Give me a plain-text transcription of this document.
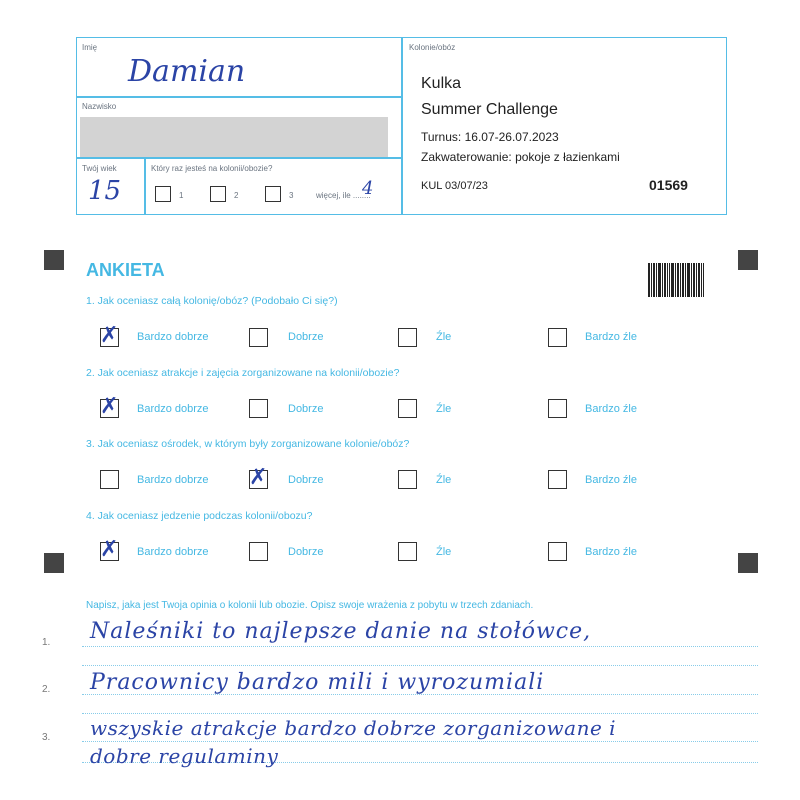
Imię
Damian
Nazwisko
Twój wiek
15
Który raz jesteś na kolonii/obozie?
1	2	3	więcej, ile ........
4
Kolonie/obóz
Kulka
Summer Challenge
Turnus: 16.07-26.07.2023
Zakwaterowanie: pokoje z łazienkami
KUL 03/07/23	01569
ANKIETA
1. Jak oceniasz całą kolonię/obóz? (Podobało Ci się?)
✗ Bardzo dobrze	Dobrze	Źle	Bardzo źle
2. Jak oceniasz atrakcje i zajęcia zorganizowane na kolonii/obozie?
✗ Bardzo dobrze	Dobrze	Źle	Bardzo źle
3. Jak oceniasz ośrodek, w którym były zorganizowane kolonie/obóz?
Bardzo dobrze ✗ Dobrze	Źle	Bardzo źle
4. Jak oceniasz jedzenie podczas kolonii/obozu?
✗ Bardzo dobrze	Dobrze	Źle	Bardzo źle
Napisz, jaka jest Twoja opinia o kolonii lub obozie. Opisz swoje wrażenia z pobytu w trzech zdaniach.
1.
2.
3.
Naleśniki to najlepsze danie na stołówce,
Pracownicy bardzo mili i wyrozumiali
wszyskie atrakcje bardzo dobrze zorganizowane i
dobre regulaminy
